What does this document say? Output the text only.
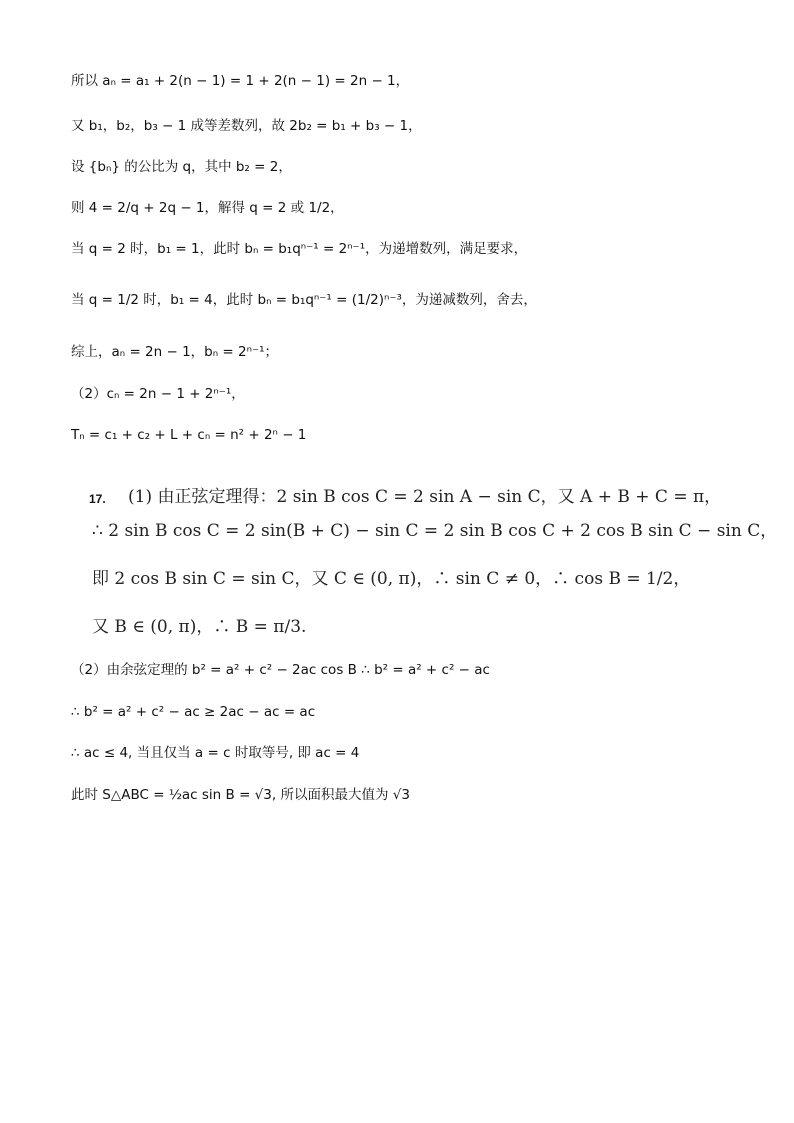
所以 aₙ = a₁ + 2(n − 1) = 1 + 2(n − 1) = 2n − 1，
又 b₁，b₂，b₃ − 1 成等差数列，故 2b₂ = b₁ + b₃ − 1，
设 {bₙ} 的公比为 q，其中 b₂ = 2，
则 4 = 2/q + 2q − 1，解得 q = 2 或 1/2，
当 q = 2 时，b₁ = 1，此时 bₙ = b₁qⁿ⁻¹ = 2ⁿ⁻¹，为递增数列，满足要求，
当 q = 1/2 时，b₁ = 4，此时 bₙ = b₁qⁿ⁻¹ = (1/2)ⁿ⁻³，为递减数列，舍去，
综上，aₙ = 2n − 1，bₙ = 2ⁿ⁻¹；
（2）cₙ = 2n − 1 + 2ⁿ⁻¹，
Tₙ = c₁ + c₂ + L + cₙ = n² + 2ⁿ − 1
17. (1) 由正弦定理得：2 sin B cos C = 2 sin A − sin C，又 A + B + C = π，
∴ 2 sin B cos C = 2 sin(B + C) − sin C = 2 sin B cos C + 2 cos B sin C − sin C，
即 2 cos B sin C = sin C，又 C ∈ (0, π)，∴ sin C ≠ 0，∴ cos B = 1/2，
又 B ∈ (0, π)，∴ B = π/3.
（2）由余弦定理的 b² = a² + c² − 2ac cos B ∴ b² = a² + c² − ac
∴ b² = a² + c² − ac ≥ 2ac − ac = ac
∴ ac ≤ 4, 当且仅当 a = c 时取等号, 即 ac = 4
此时 S△ABC = ½ac sin B = √3, 所以面积最大值为 √3
